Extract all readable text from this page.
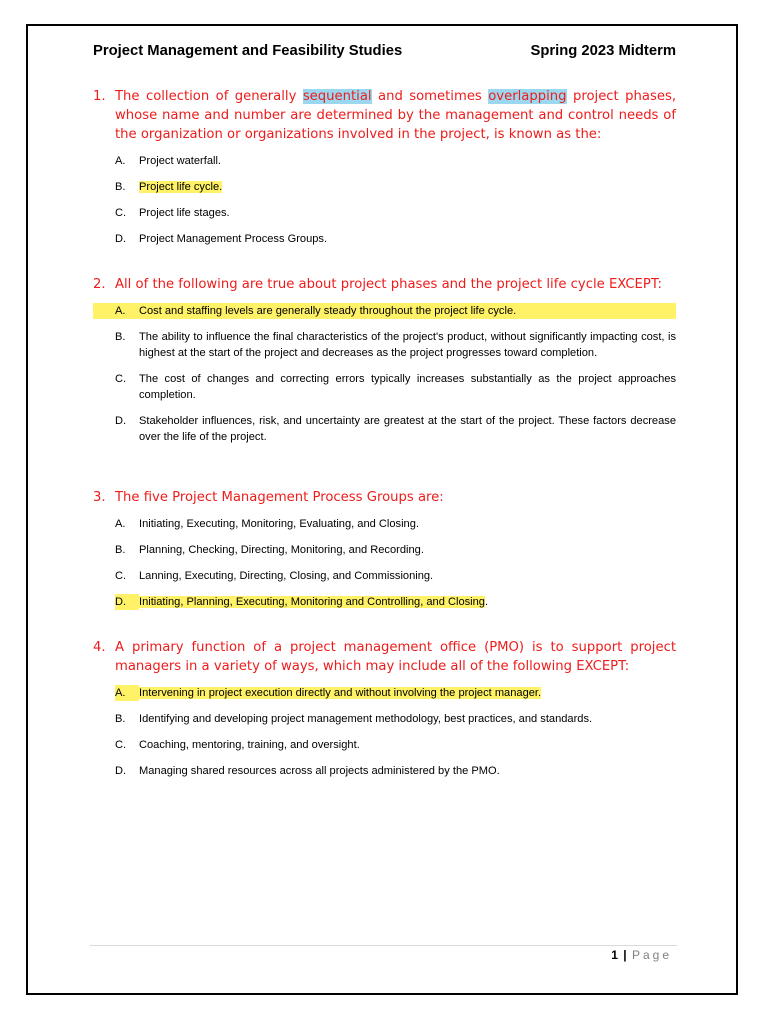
Project Management and Feasibility Studies	Spring 2023 Midterm
1. The collection of generally sequential and sometimes overlapping project phases, whose name and number are determined by the management and control needs of the organization or organizations involved in the project, is known as the:
A.	Project waterfall.
B.	Project life cycle.
C.	Project life stages.
D.	Project Management Process Groups.
2. All of the following are true about project phases and the project life cycle EXCEPT:
A.	Cost and staffing levels are generally steady throughout the project life cycle.
B.	The ability to influence the final characteristics of the project's product, without significantly impacting cost, is highest at the start of the project and decreases as the project progresses toward completion.
C.	The cost of changes and correcting errors typically increases substantially as the project approaches completion.
D.	Stakeholder influences, risk, and uncertainty are greatest at the start of the project. These factors decrease over the life of the project.
3. The five Project Management Process Groups are:
A.	Initiating, Executing, Monitoring, Evaluating, and Closing.
B.	Planning, Checking, Directing, Monitoring, and Recording.
C.	Lanning, Executing, Directing, Closing, and Commissioning.
D.	Initiating, Planning, Executing, Monitoring and Controlling, and Closing.
4. A primary function of a project management office (PMO) is to support project managers in a variety of ways, which may include all of the following EXCEPT:
A.	Intervening in project execution directly and without involving the project manager.
B.	Identifying and developing project management methodology, best practices, and standards.
C.	Coaching, mentoring, training, and oversight.
D.	Managing shared resources across all projects administered by the PMO.
1 | Page
